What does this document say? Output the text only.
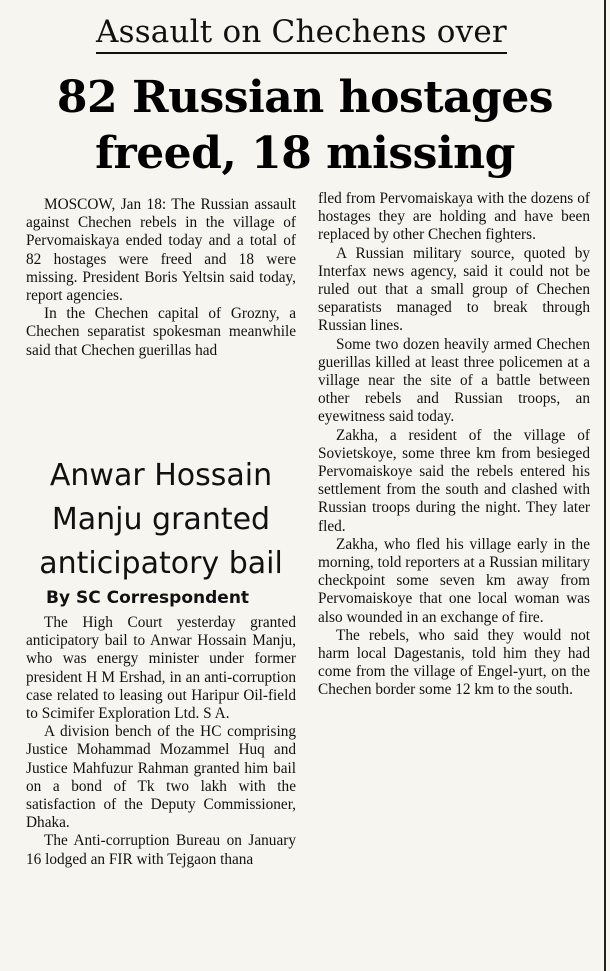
Assault on Chechens over
82 Russian hostages
freed, 18 missing

MOSCOW, Jan 18: The Russian assault against Chechen rebels in the village of Pervomaiskaya ended today and a total of 82 hostages were freed and 18 were missing. President Boris Yeltsin said today, report agencies.

In the Chechen capital of Grozny, a Chechen separatist spokesman meanwhile said that Chechen guerillas had

fled from Pervomaiskaya with the dozens of hostages they are holding and have been replaced by other Chechen fighters.

A Russian military source, quoted by Interfax news agency, said it could not be ruled out that a small group of Chechen separatists managed to break through Russian lines.

Some two dozen heavily armed Chechen guerillas killed at least three policemen at a village near the site of a battle between other rebels and Russian troops, an eyewitness said today.

Zakha, a resident of the village of Sovietskoye, some three km from besieged Pervomaiskoye said the rebels entered his settlement from the south and clashed with Russian troops during the night. They later fled.

Zakha, who fled his village early in the morning, told reporters at a Russian military checkpoint some seven km away from Pervomaiskoye that one local woman was also wounded in an exchange of fire.

The rebels, who said they would not harm local Dagestanis, told him they had come from the village of Engel-yurt, on the Chechen border some 12 km to the south.

Anwar Hossain
Manju granted
anticipatory bail
By SC Correspondent

The High Court yesterday granted anticipatory bail to Anwar Hossain Manju, who was energy minister under former president H M Ershad, in an anti-corruption case related to leasing out Haripur Oil-field to Scimifer Exploration Ltd. S A.

A division bench of the HC comprising Justice Mohammad Mozammel Huq and Justice Mahfuzur Rahman granted him bail on a bond of Tk two lakh with the satisfaction of the Deputy Commissioner, Dhaka.

The Anti-corruption Bureau on January 16 lodged an FIR with Tejgaon thana
